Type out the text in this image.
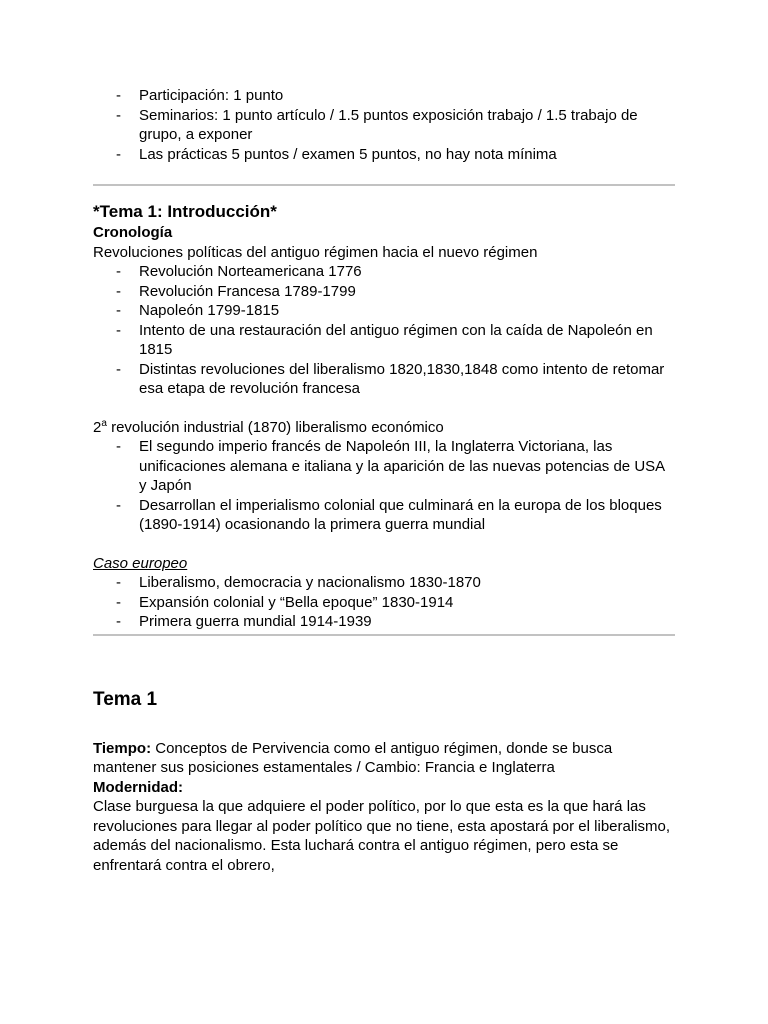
- Participación: 1 punto
- Seminarios: 1 punto artículo / 1.5 puntos exposición trabajo / 1.5 trabajo de grupo, a exponer
- Las prácticas 5 puntos / examen 5 puntos, no hay nota mínima
*Tema 1: Introducción*
Cronología
Revoluciones políticas del antiguo régimen hacia el nuevo régimen
- Revolución Norteamericana 1776
- Revolución Francesa 1789-1799
- Napoleón 1799-1815
- Intento de una restauración del antiguo régimen con la caída de Napoleón en 1815
- Distintas revoluciones del liberalismo 1820,1830,1848 como intento de retomar esa etapa de revolución francesa
2$^a$ revolución industrial (1870) liberalismo económico
- El segundo imperio francés de Napoleón III, la Inglaterra Victoriana, las unificaciones alemana e italiana y la aparición de las nuevas potencias de USA y Japón
- Desarrollan el imperialismo colonial que culminará en la europa de los bloques (1890-1914) ocasionando la primera guerra mundial
Caso europeo
- Liberalismo, democracia y nacionalismo 1830-1870
- Expansión colonial y “Bella epoque” 1830-1914
- Primera guerra mundial 1914-1939
Tema 1
Tiempo: Conceptos de Pervivencia como el antiguo régimen, donde se busca mantener sus posiciones estamentales / Cambio: Francia e Inglaterra
Modernidad:
Clase burguesa la que adquiere el poder político, por lo que esta es la que hará las revoluciones para llegar al poder político que no tiene, esta apostará por el liberalismo, además del nacionalismo. Esta luchará contra el antiguo régimen, pero esta se enfrentará contra el obrero,
